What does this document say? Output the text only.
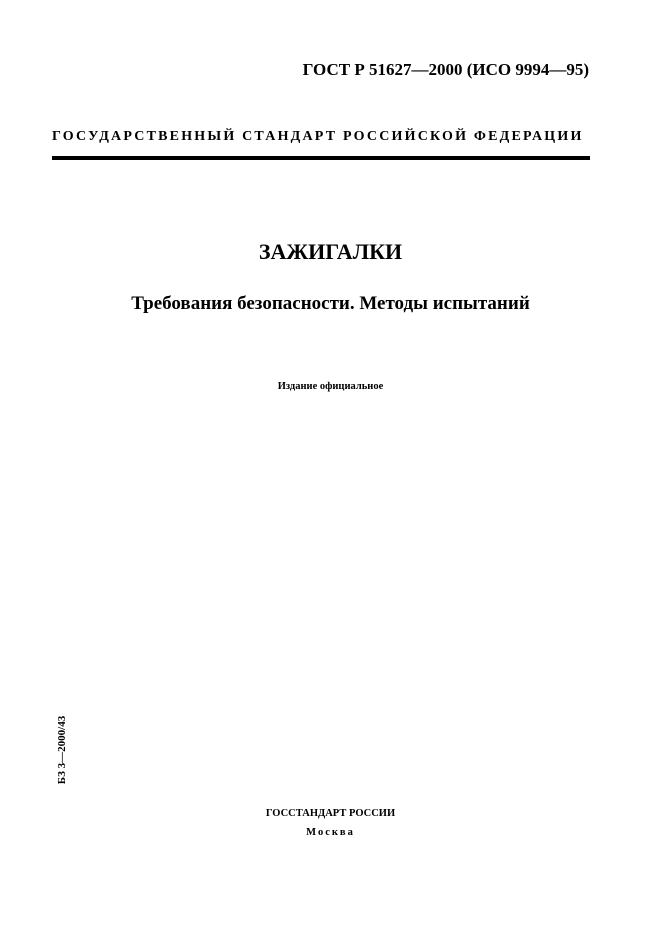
ГОСТ Р 51627—2000 (ИСО 9994—95)
ГОСУДАРСТВЕННЫЙ СТАНДАРТ РОССИЙСКОЙ ФЕДЕРАЦИИ
ЗАЖИГАЛКИ
Требования безопасности. Методы испытаний
Издание официальное
БЗ 3—2000/43
ГОССТАНДАРТ РОССИИ
Москва
